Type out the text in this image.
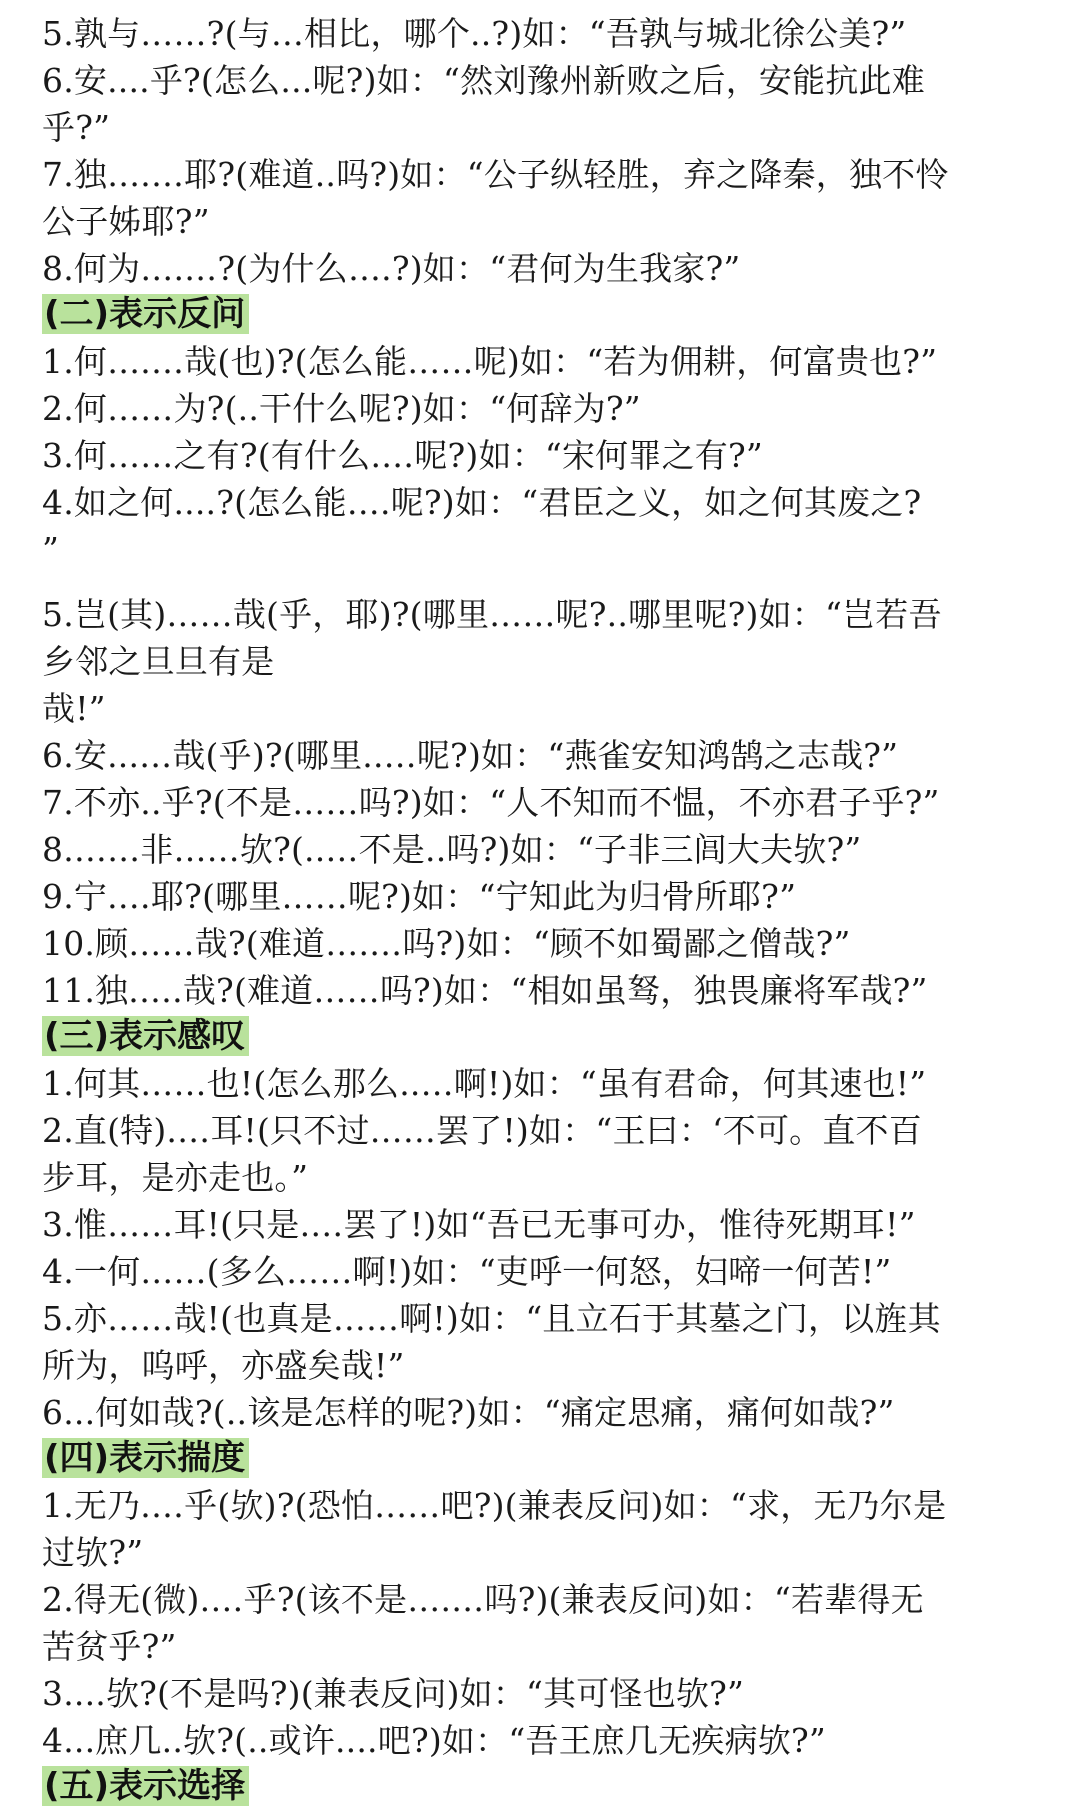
5.孰与……?(与…相比，哪个..?)如：“吾孰与城北徐公美?”
6.安....乎?(怎么...呢?)如：“然刘豫州新败之后，安能抗此难
乎?”
7.独….…耶?(难道..吗?)如：“公子纵轻胜，弃之降秦，独不怜
公子姊耶?”
8.何为….…?(为什么….?)如：“君何为生我家?”
(二)表示反问
1.何….…哉(也)?(怎么能……呢)如：“若为佣耕，何富贵也?”
2.何……为?(..干什么呢?)如：“何辞为?”
3.何……之有?(有什么.…呢?)如：“宋何罪之有?”
4.如之何....?(怎么能….呢?)如：“君臣之义，如之何其废之?
”
5.岂(其)……哉(乎，耶)?(哪里……呢?..哪里呢?)如：“岂若吾
乡邻之旦旦有是
哉!”
6.安...…哉(乎)?(哪里..…呢?)如：“燕雀安知鸿鹄之志哉?”
7.不亦..乎?(不是……吗?)如：“人不知而不愠，不亦君子乎?”
8.……非……欤?(..…不是..吗?)如：“子非三闾大夫欤?”
9.宁.…耶?(哪里……呢?)如：“宁知此为归骨所耶?”
10.顾……哉?(难道….…吗?)如：“顾不如蜀鄙之僧哉?”
11.独.….哉?(难道……吗?)如：“相如虽驽，独畏廉将军哉?”
(三)表示感叹
1.何其……也!(怎么那么..…啊!)如：“虽有君命，何其速也!”
2.直(特).…耳!(只不过……罢了!)如：“王曰：‘不可。直不百
步耳，是亦走也。”
3.惟……耳!(只是.…罢了!)如“吾已无事可办，惟待死期耳!”
4.一何……(多么……啊!)如：“吏呼一何怒，妇啼一何苦!”
5.亦……哉!(也真是……啊!)如：“且立石于其墓之门，以旌其
所为，呜呼，亦盛矣哉!”
6...何如哉?(..该是怎样的呢?)如：“痛定思痛，痛何如哉?”
(四)表示揣度
1.无乃.…乎(欤)?(恐怕……吧?)(兼表反问)如：“求，无乃尔是
过欤?”
2.得无(微).…乎?(该不是….…吗?)(兼表反问)如：“若辈得无
苦贫乎?”
3....欤?(不是吗?)(兼表反问)如：“其可怪也欤?”
4...庶几..欤?(..或许....吧?)如：“吾王庶几无疾病欤?”
(五)表示选择
